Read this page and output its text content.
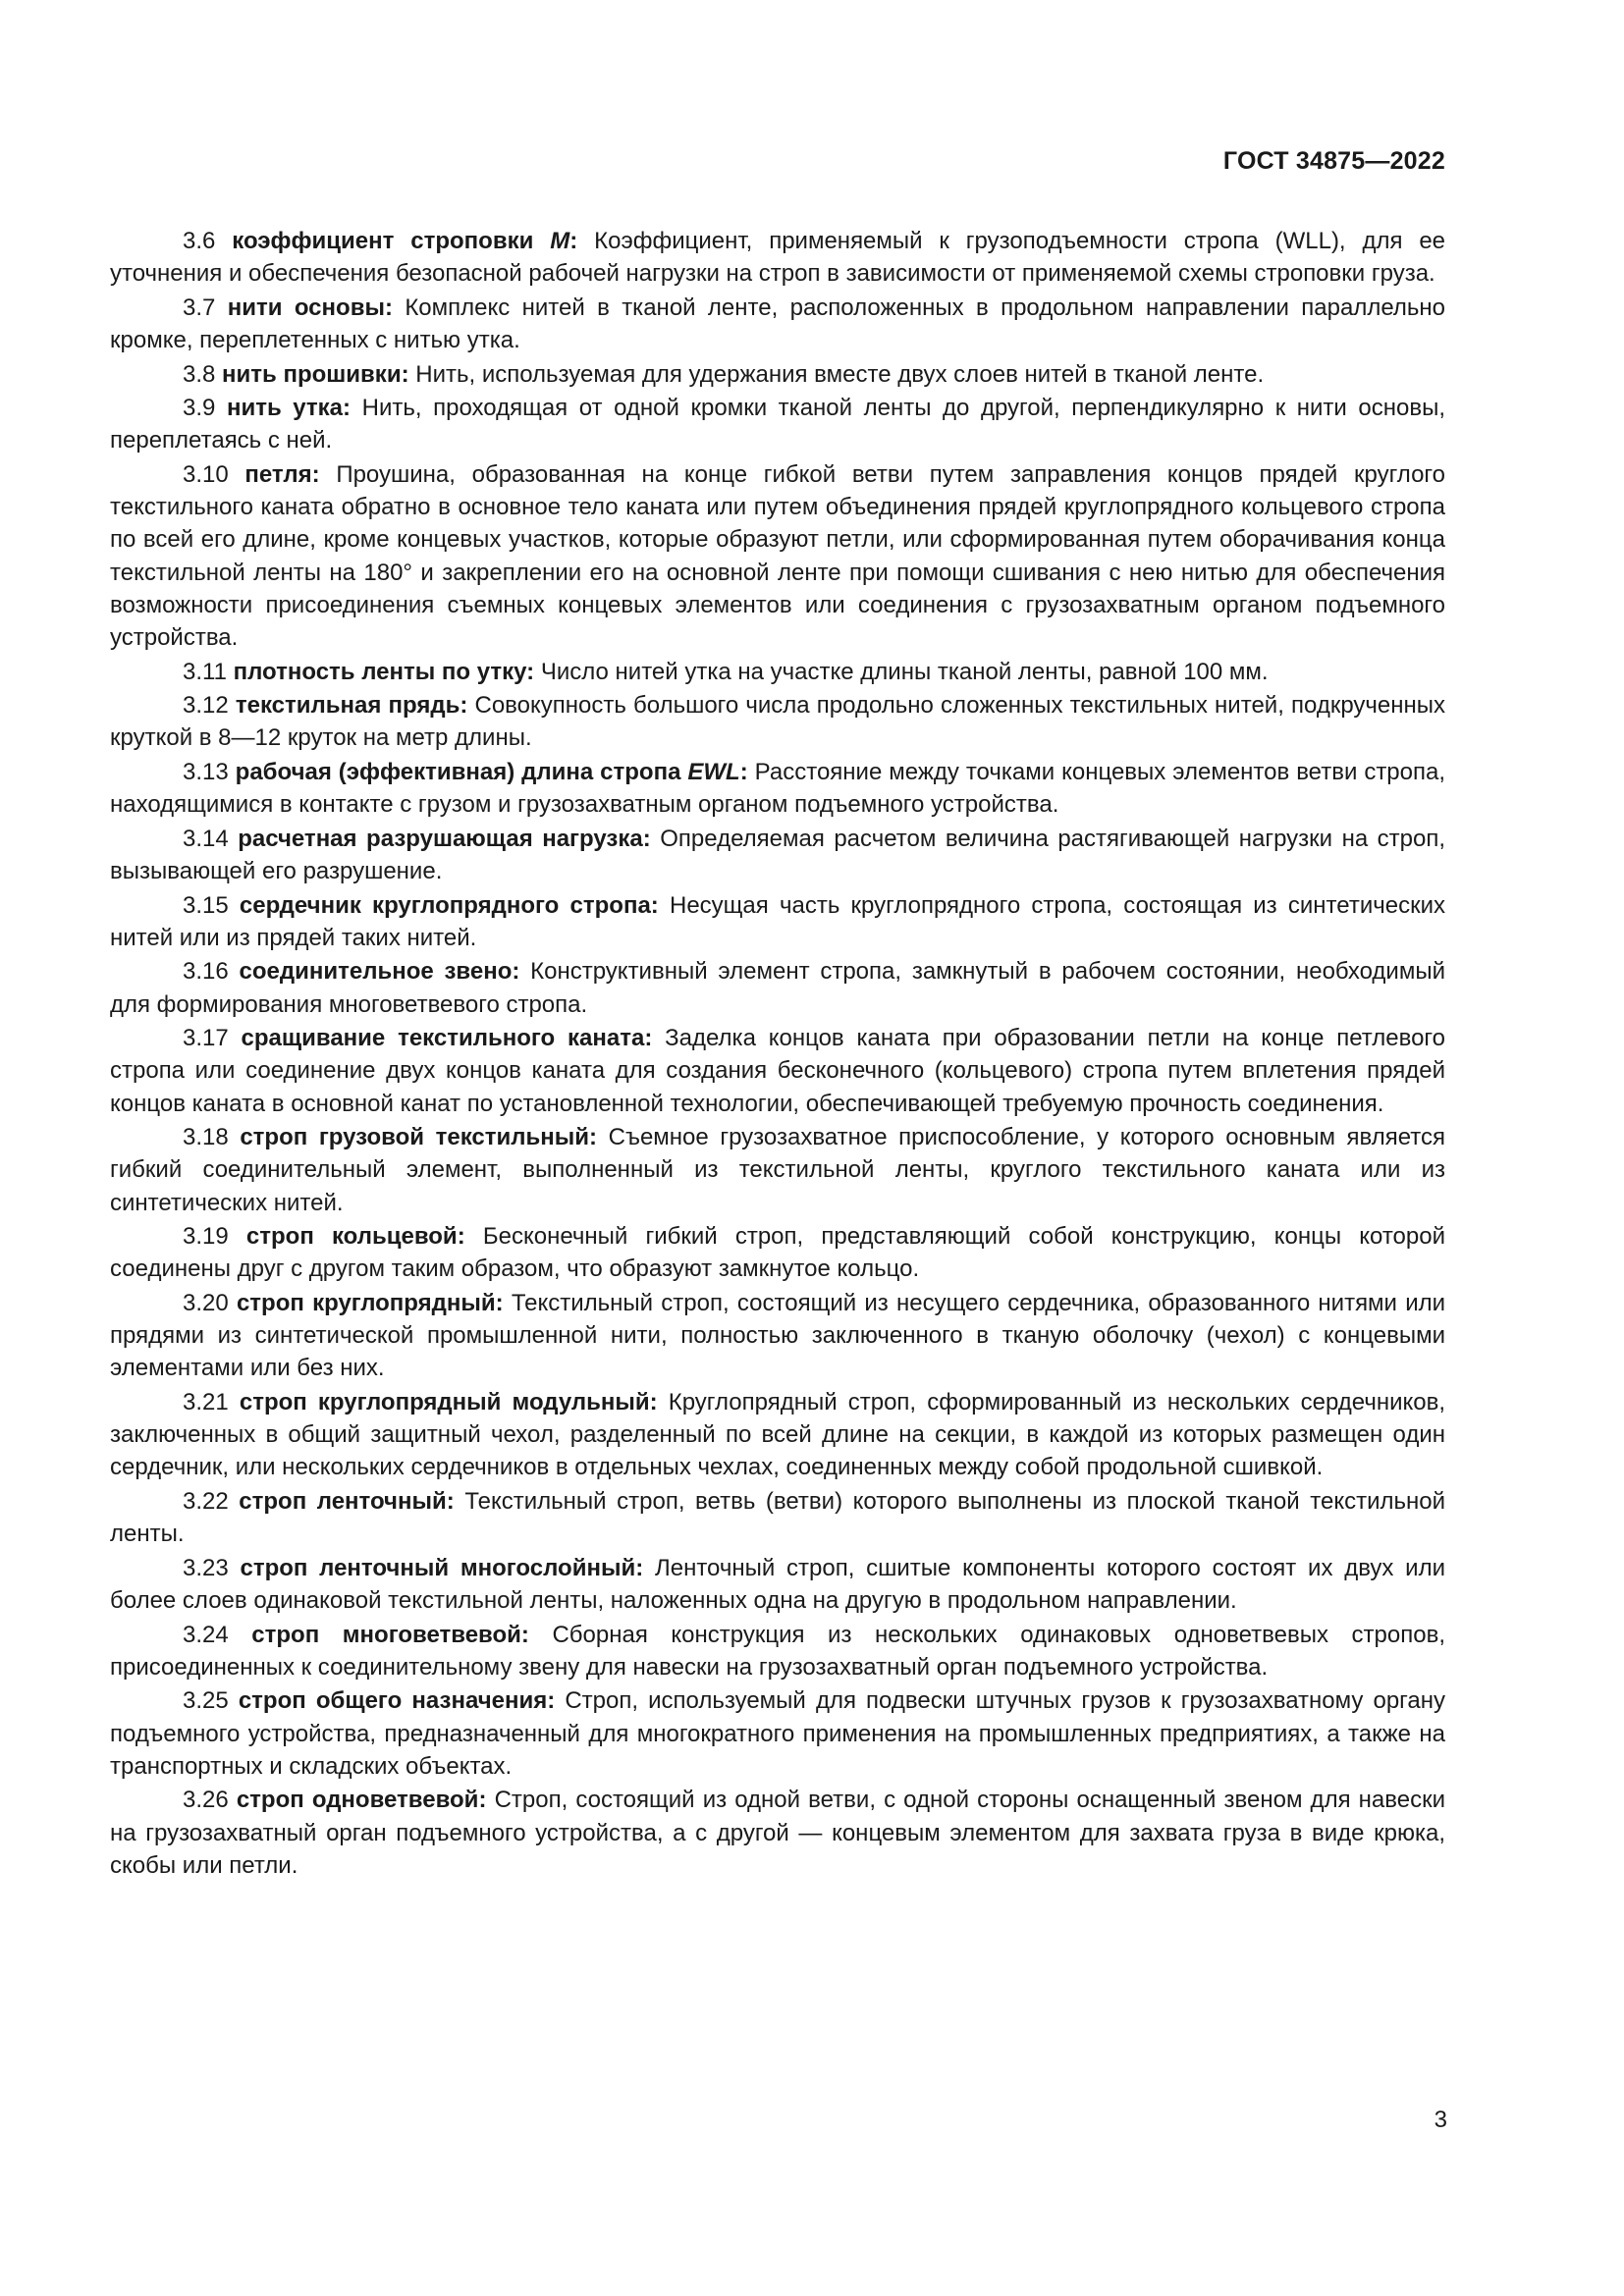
ГОСТ 34875—2022

3.6 коэффициент строповки M: Коэффициент, применяемый к грузоподъемности стропа (WLL), для ее уточнения и обеспечения безопасной рабочей нагрузки на строп в зависимости от применяемой схемы строповки груза.

3.7 нити основы: Комплекс нитей в тканой ленте, расположенных в продольном направлении параллельно кромке, переплетенных с нитью утка.

3.8 нить прошивки: Нить, используемая для удержания вместе двух слоев нитей в тканой ленте.

3.9 нить утка: Нить, проходящая от одной кромки тканой ленты до другой, перпендикулярно к нити основы, переплетаясь с ней.

3.10 петля: Проушина, образованная на конце гибкой ветви путем заправления концов прядей круглого текстильного каната обратно в основное тело каната или путем объединения прядей круглопрядного кольцевого стропа по всей его длине, кроме концевых участков, которые образуют петли, или сформированная путем оборачивания конца текстильной ленты на 180° и закреплении его на основной ленте при помощи сшивания с нею нитью для обеспечения возможности присоединения съемных концевых элементов или соединения с грузозахватным органом подъемного устройства.

3.11 плотность ленты по утку: Число нитей утка на участке длины тканой ленты, равной 100 мм.

3.12 текстильная прядь: Совокупность большого числа продольно сложенных текстильных нитей, подкрученных круткой в 8—12 круток на метр длины.

3.13 рабочая (эффективная) длина стропа EWL: Расстояние между точками концевых элементов ветви стропа, находящимися в контакте с грузом и грузозахватным органом подъемного устройства.

3.14 расчетная разрушающая нагрузка: Определяемая расчетом величина растягивающей нагрузки на строп, вызывающей его разрушение.

3.15 сердечник круглопрядного стропа: Несущая часть круглопрядного стропа, состоящая из синтетических нитей или из прядей таких нитей.

3.16 соединительное звено: Конструктивный элемент стропа, замкнутый в рабочем состоянии, необходимый для формирования многоветвевого стропа.

3.17 сращивание текстильного каната: Заделка концов каната при образовании петли на конце петлевого стропа или соединение двух концов каната для создания бесконечного (кольцевого) стропа путем вплетения прядей концов каната в основной канат по установленной технологии, обеспечивающей требуемую прочность соединения.

3.18 строп грузовой текстильный: Съемное грузозахватное приспособление, у которого основным является гибкий соединительный элемент, выполненный из текстильной ленты, круглого текстильного каната или из синтетических нитей.

3.19 строп кольцевой: Бесконечный гибкий строп, представляющий собой конструкцию, концы которой соединены друг с другом таким образом, что образуют замкнутое кольцо.

3.20 строп круглопрядный: Текстильный строп, состоящий из несущего сердечника, образованного нитями или прядями из синтетической промышленной нити, полностью заключенного в тканую оболочку (чехол) с концевыми элементами или без них.

3.21 строп круглопрядный модульный: Круглопрядный строп, сформированный из нескольких сердечников, заключенных в общий защитный чехол, разделенный по всей длине на секции, в каждой из которых размещен один сердечник, или нескольких сердечников в отдельных чехлах, соединенных между собой продольной сшивкой.

3.22 строп ленточный: Текстильный строп, ветвь (ветви) которого выполнены из плоской тканой текстильной ленты.

3.23 строп ленточный многослойный: Ленточный строп, сшитые компоненты которого состоят их двух или более слоев одинаковой текстильной ленты, наложенных одна на другую в продольном направлении.

3.24 строп многоветвевой: Сборная конструкция из нескольких одинаковых одноветвевых стропов, присоединенных к соединительному звену для навески на грузозахватный орган подъемного устройства.

3.25 строп общего назначения: Строп, используемый для подвески штучных грузов к грузозахватному органу подъемного устройства, предназначенный для многократного применения на промышленных предприятиях, а также на транспортных и складских объектах.

3.26 строп одноветвевой: Строп, состоящий из одной ветви, с одной стороны оснащенный звеном для навески на грузозахватный орган подъемного устройства, а с другой — концевым элементом для захвата груза в виде крюка, скобы или петли.

3
